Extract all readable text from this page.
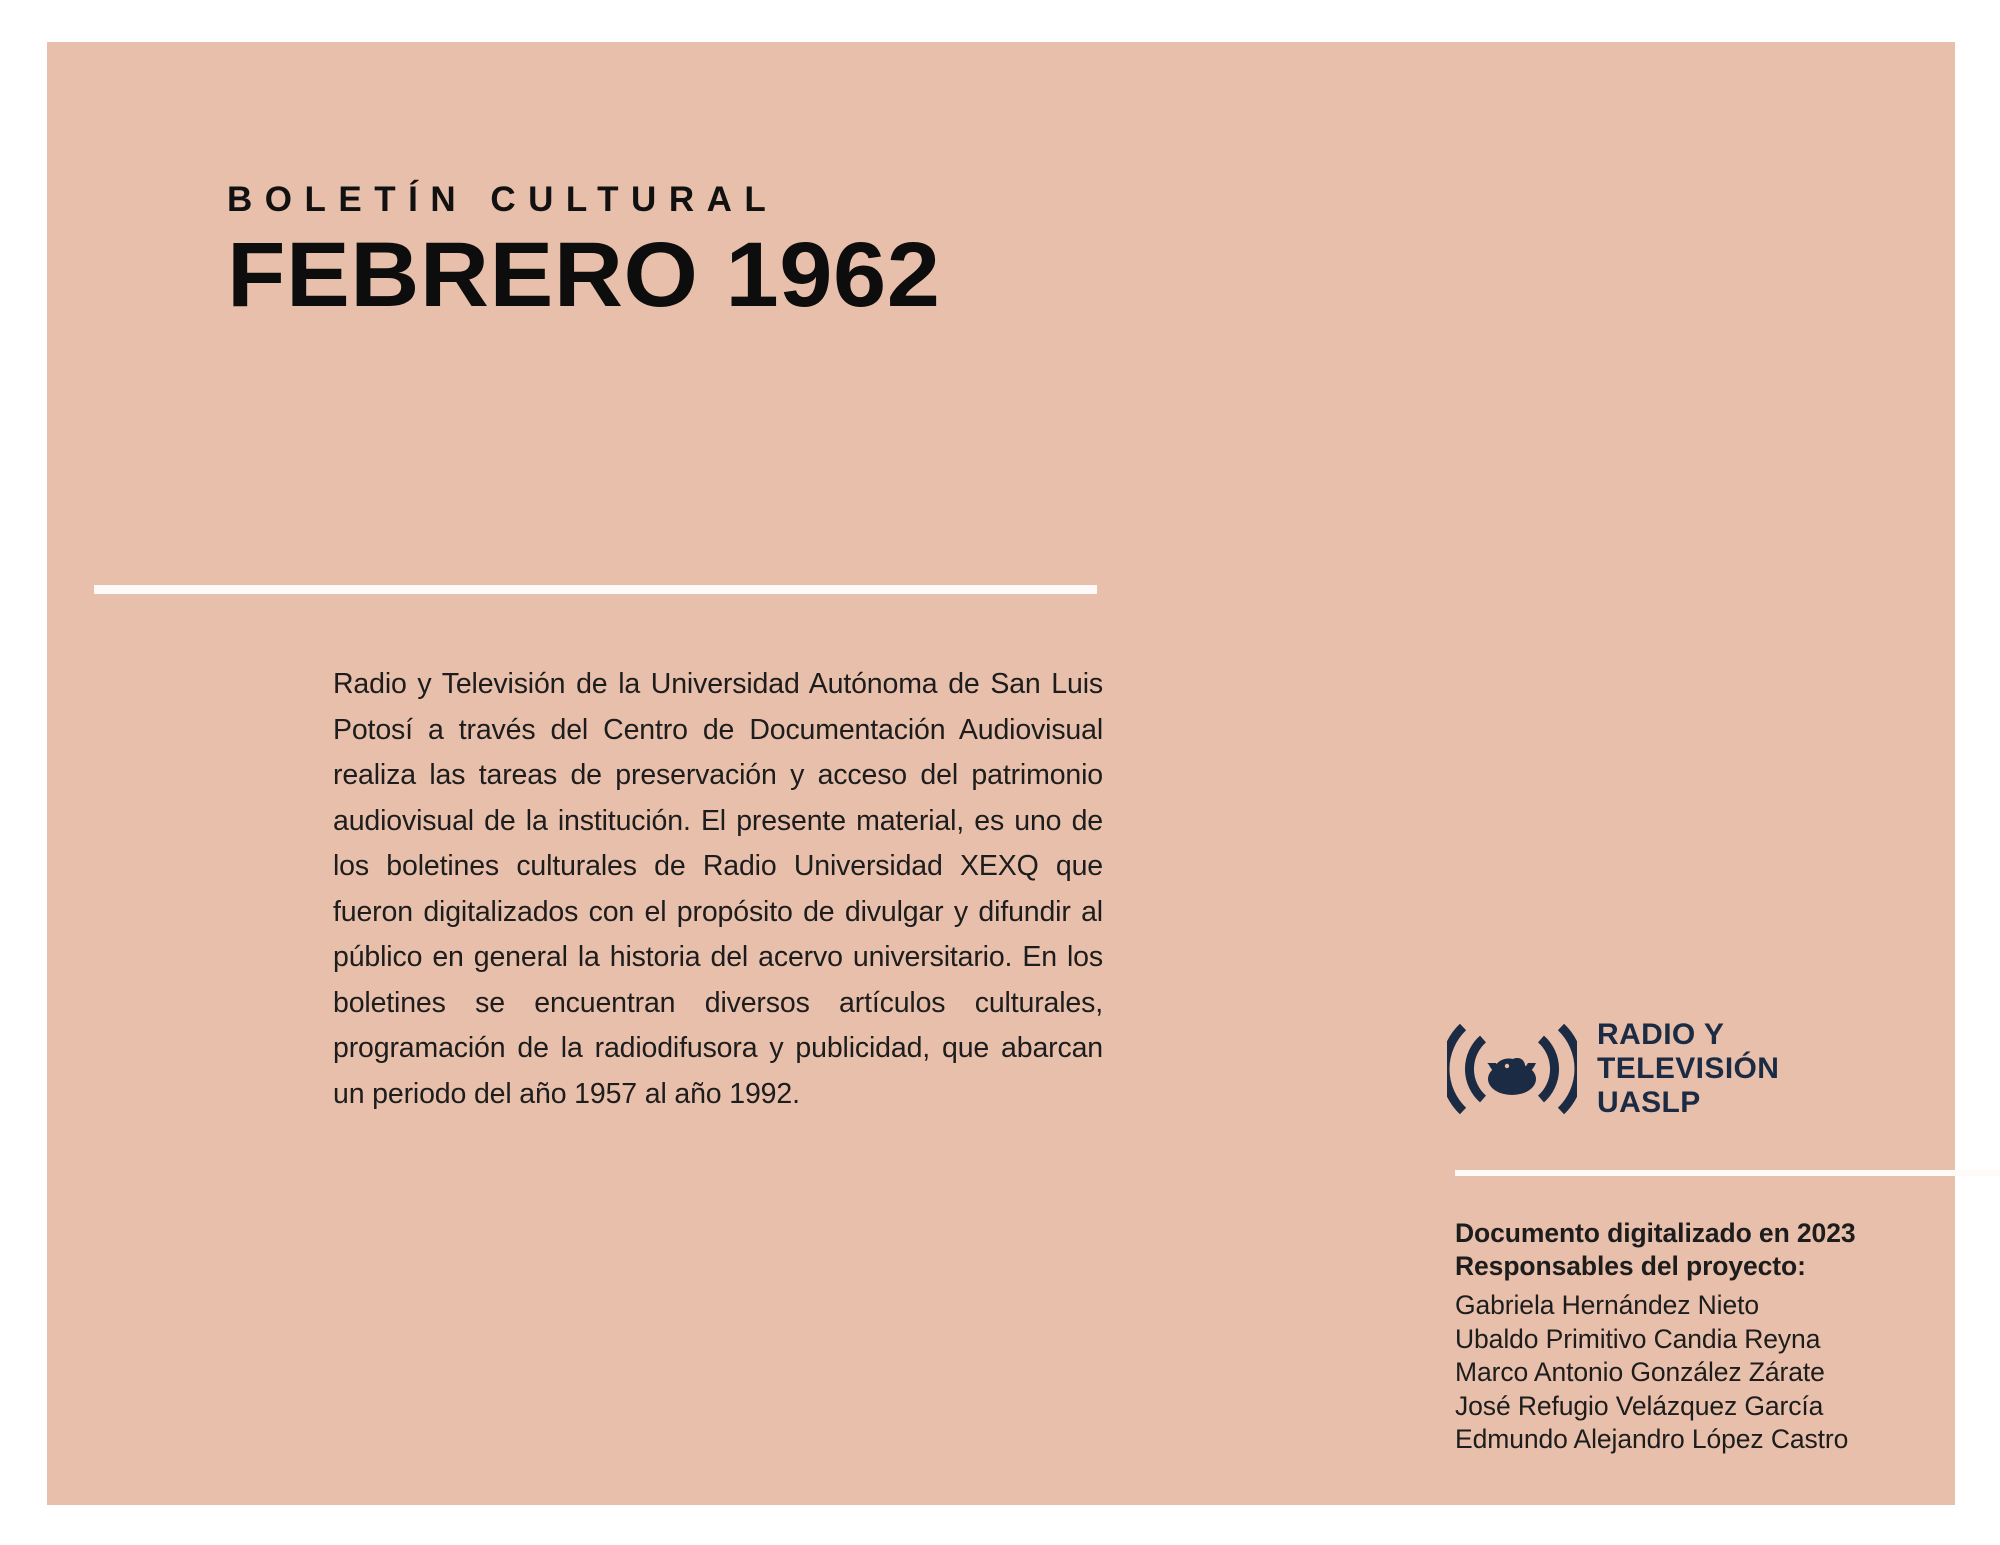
BOLETÍN CULTURAL
FEBRERO 1962

Radio y Televisión de la Universidad Autónoma de San Luis Potosí a través del Centro de Documentación Audiovisual realiza las tareas de preservación y acceso del patrimonio audiovisual de la institución. El presente material, es uno de los boletines culturales de Radio Universidad XEXQ que fueron digitalizados con el propósito de divulgar y difundir al público en general la historia del acervo universitario. En los boletines se encuentran diversos artículos culturales, programación de la radiodifusora y publicidad, que abarcan un periodo del año 1957 al año 1992.

RADIO Y
TELEVISIÓN
UASLP
Documento digitalizado en 2023
Responsables del proyecto:
Gabriela Hernández Nieto
Ubaldo Primitivo Candia Reyna
Marco Antonio González Zárate
José Refugio Velázquez García
Edmundo Alejandro López Castro
